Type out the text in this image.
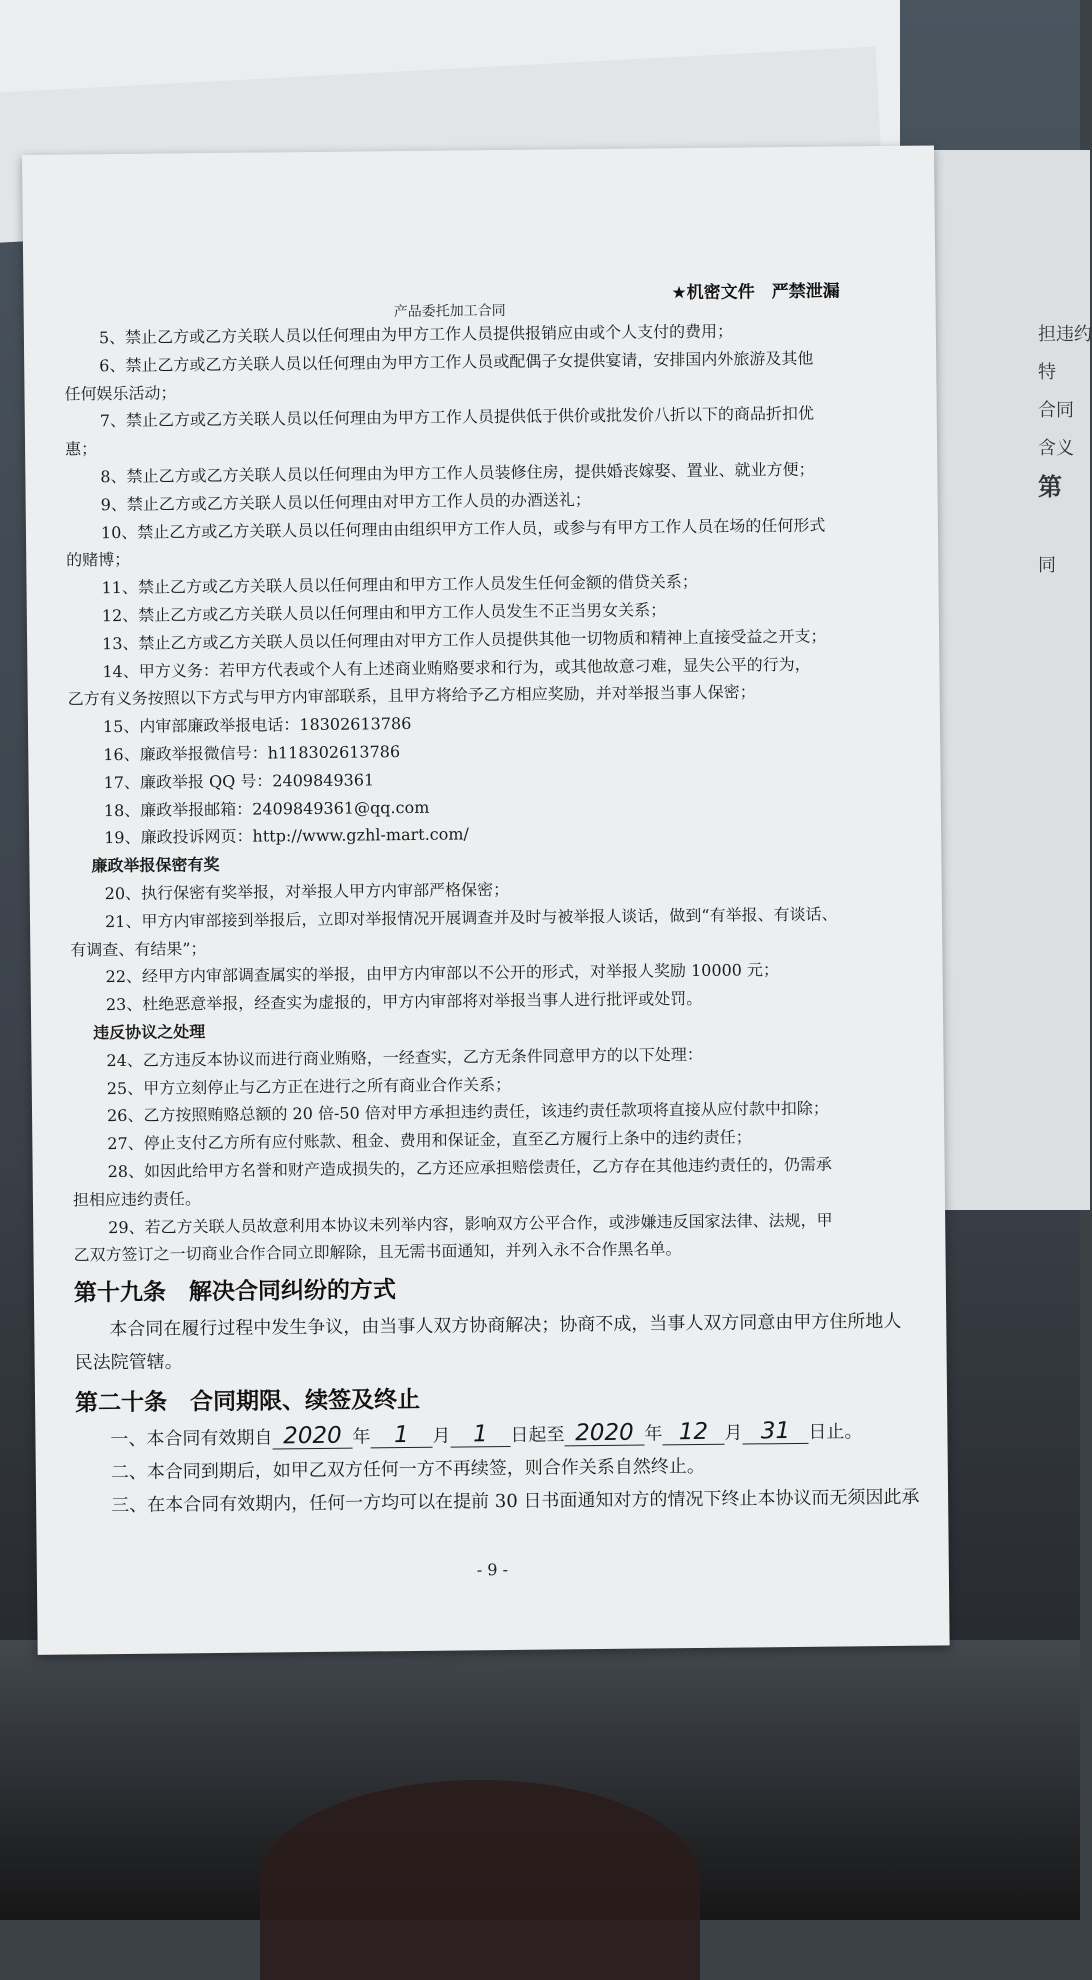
担违约
特
合同
含义
第

同
产品委托加工合同
★机密文件　严禁泄漏
5、禁止乙方或乙方关联人员以任何理由为甲方工作人员提供报销应由或个人支付的费用；
6、禁止乙方或乙方关联人员以任何理由为甲方工作人员或配偶子女提供宴请，安排国内外旅游及其他
任何娱乐活动；
7、禁止乙方或乙方关联人员以任何理由为甲方工作人员提供低于供价或批发价八折以下的商品折扣优
惠；
8、禁止乙方或乙方关联人员以任何理由为甲方工作人员装修住房，提供婚丧嫁娶、置业、就业方便；
9、禁止乙方或乙方关联人员以任何理由对甲方工作人员的办酒送礼；
10、禁止乙方或乙方关联人员以任何理由由组织甲方工作人员，或参与有甲方工作人员在场的任何形式
的赌博；
11、禁止乙方或乙方关联人员以任何理由和甲方工作人员发生任何金额的借贷关系；
12、禁止乙方或乙方关联人员以任何理由和甲方工作人员发生不正当男女关系；
13、禁止乙方或乙方关联人员以任何理由对甲方工作人员提供其他一切物质和精神上直接受益之开支；
14、甲方义务：若甲方代表或个人有上述商业贿赂要求和行为，或其他故意刁难，显失公平的行为，
乙方有义务按照以下方式与甲方内审部联系，且甲方将给予乙方相应奖励，并对举报当事人保密；
15、内审部廉政举报电话：18302613786
16、廉政举报微信号：h118302613786
17、廉政举报 QQ 号：2409849361
18、廉政举报邮箱：2409849361@qq.com
19、廉政投诉网页：http://www.gzhl-mart.com/
廉政举报保密有奖
20、执行保密有奖举报，对举报人甲方内审部严格保密；
21、甲方内审部接到举报后，立即对举报情况开展调查并及时与被举报人谈话，做到“有举报、有谈话、
有调查、有结果”；
22、经甲方内审部调查属实的举报，由甲方内审部以不公开的形式，对举报人奖励 10000 元；
23、杜绝恶意举报，经查实为虚报的，甲方内审部将对举报当事人进行批评或处罚。
违反协议之处理
24、乙方违反本协议而进行商业贿赂，一经查实，乙方无条件同意甲方的以下处理：
25、甲方立刻停止与乙方正在进行之所有商业合作关系；
26、乙方按照贿赂总额的 20 倍-50 倍对甲方承担违约责任，该违约责任款项将直接从应付款中扣除；
27、停止支付乙方所有应付账款、租金、费用和保证金，直至乙方履行上条中的违约责任；
28、如因此给甲方名誉和财产造成损失的，乙方还应承担赔偿责任，乙方存在其他违约责任的，仍需承
担相应违约责任。
29、若乙方关联人员故意利用本协议未列举内容，影响双方公平合作，或涉嫌违反国家法律、法规，甲
乙双方签订之一切商业合作合同立即解除，且无需书面通知，并列入永不合作黑名单。
第十九条　解决合同纠纷的方式
本合同在履行过程中发生争议，由当事人双方协商解决；协商不成，当事人双方同意由甲方住所地人
民法院管辖。
第二十条　合同期限、续签及终止
一、本合同有效期自 2020 年 1 月 1 日起至 2020 年 12 月 31 日止。
二、本合同到期后，如甲乙双方任何一方不再续签，则合作关系自然终止。
三、在本合同有效期内，任何一方均可以在提前 30 日书面通知对方的情况下终止本协议而无须因此承
- 9 -
